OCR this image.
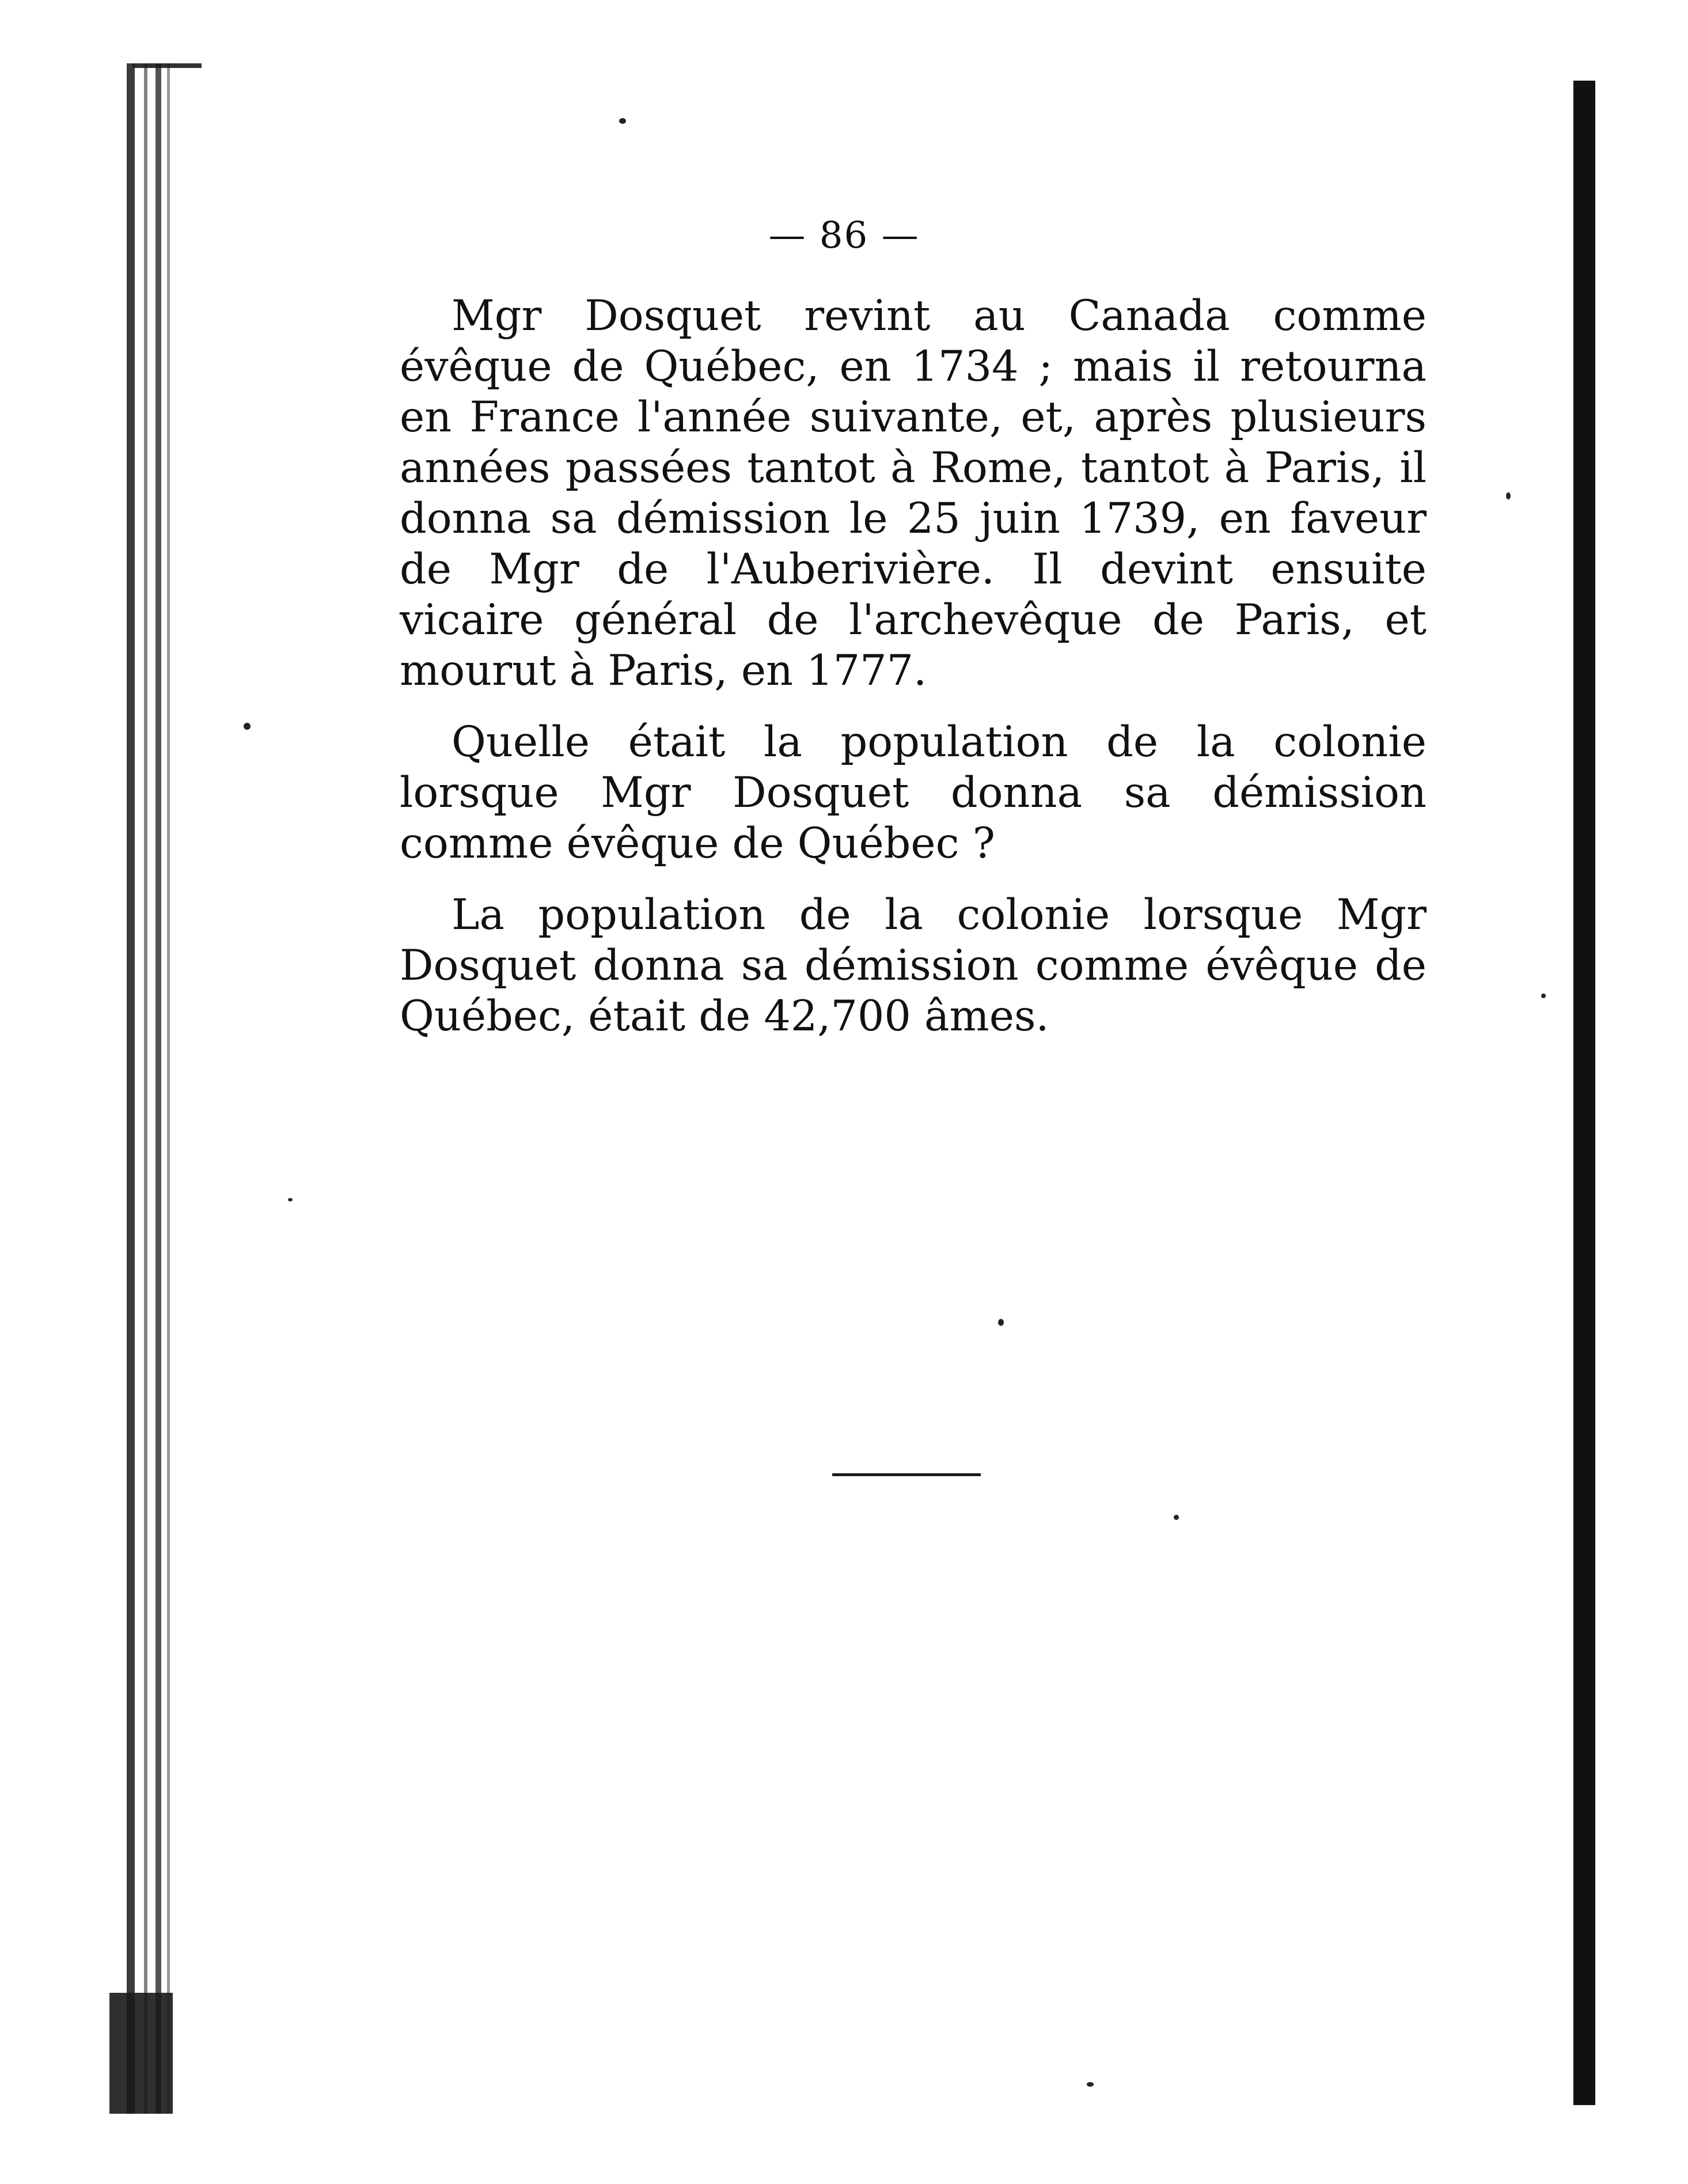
— 86 —

Mgr Dosquet revint au Canada comme évêque de Québec, en 1734 ; mais il retourna en France l'année suivante, et, après plusieurs années passées tantot à Rome, tantot à Paris, il donna sa démission le 25 juin 1739, en faveur de Mgr de l'Auberivière. Il devint ensuite vicaire général de l'archevêque de Paris, et mourut à Paris, en 1777.

Quelle était la population de la colonie lorsque Mgr Dosquet donna sa démission comme évêque de Québec ?

La population de la colonie lorsque Mgr Dosquet donna sa démission comme évêque de Québec, était de 42,700 âmes.
